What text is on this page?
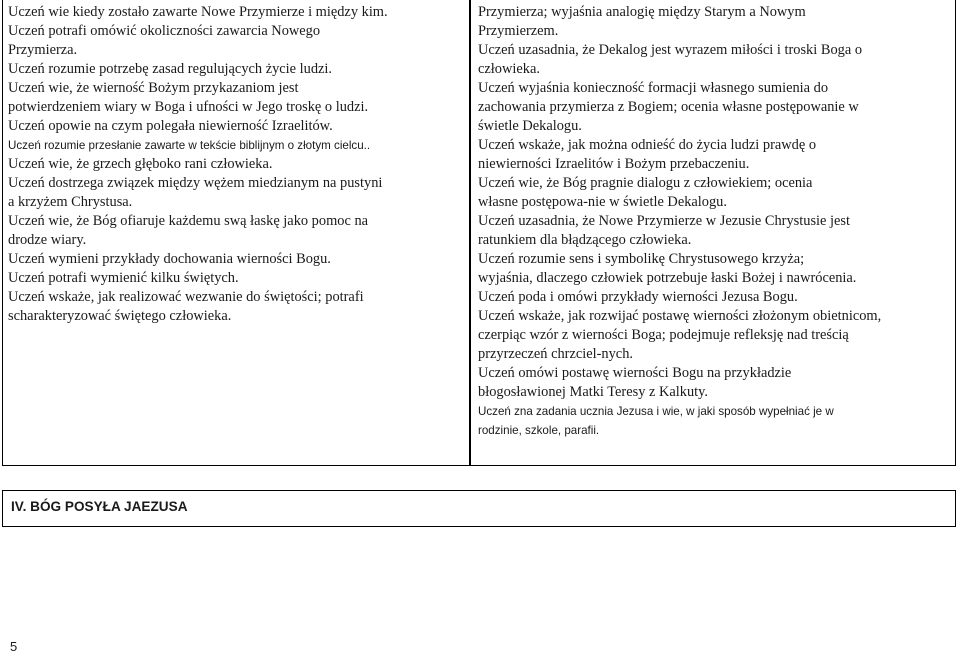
Uczeń wie kiedy zostało zawarte Nowe Przymierze i między kim.
Uczeń potrafi omówić okoliczności zawarcia Nowego
Przymierza.
Uczeń rozumie potrzebę zasad regulujących życie ludzi.
Uczeń wie, że wierność Bożym przykazaniom jest
potwierdzeniem wiary w Boga i ufności w Jego troskę o ludzi.
Uczeń opowie na czym polegała niewierność Izraelitów.
Uczeń rozumie przesłanie zawarte w tekście biblijnym o złotym cielcu..
Uczeń wie, że grzech głęboko rani człowieka.
Uczeń dostrzega związek między wężem miedzianym na pustyni
a krzyżem Chrystusa.
Uczeń wie, że Bóg ofiaruje każdemu swą łaskę jako pomoc na
drodze wiary.
Uczeń wymieni przykłady dochowania wierności Bogu.
Uczeń potrafi wymienić kilku świętych.
Uczeń wskaże, jak realizować wezwanie do świętości; potrafi
scharakteryzować świętego człowieka.
Przymierza; wyjaśnia analogię między Starym a Nowym
Przymierzem.
Uczeń uzasadnia, że Dekalog jest wyrazem miłości i troski Boga o
człowieka.
Uczeń wyjaśnia konieczność formacji własnego sumienia do
zachowania przymierza z Bogiem; ocenia własne postępowanie w
świetle Dekalogu.
Uczeń wskaże, jak można odnieść do życia ludzi prawdę o
niewierności Izraelitów i Bożym przebaczeniu.
Uczeń wie, że Bóg pragnie dialogu z człowiekiem; ocenia
własne postępowa-nie w świetle Dekalogu.
Uczeń uzasadnia, że Nowe Przymierze w Jezusie Chrystusie jest
ratunkiem dla błądzącego człowieka.
Uczeń rozumie sens i symbolikę Chrystusowego krzyża;
wyjaśnia, dlaczego człowiek potrzebuje łaski Bożej i nawrócenia.
Uczeń poda i omówi przykłady wierności Jezusa Bogu.
Uczeń wskaże, jak rozwijać postawę wierności złożonym obietnicom,
czerpiąc wzór z wierności Boga; podejmuje refleksję nad treścią
przyrzeczeń chrzciel-nych.
Uczeń omówi postawę wierności Bogu na przykładzie
błogosławionej Matki Teresy z Kalkuty.
Uczeń zna zadania ucznia Jezusa i wie, w jaki sposób wypełniać je w
rodzinie, szkole, parafii.
IV. BÓG POSYŁA JAEZUSA
5
